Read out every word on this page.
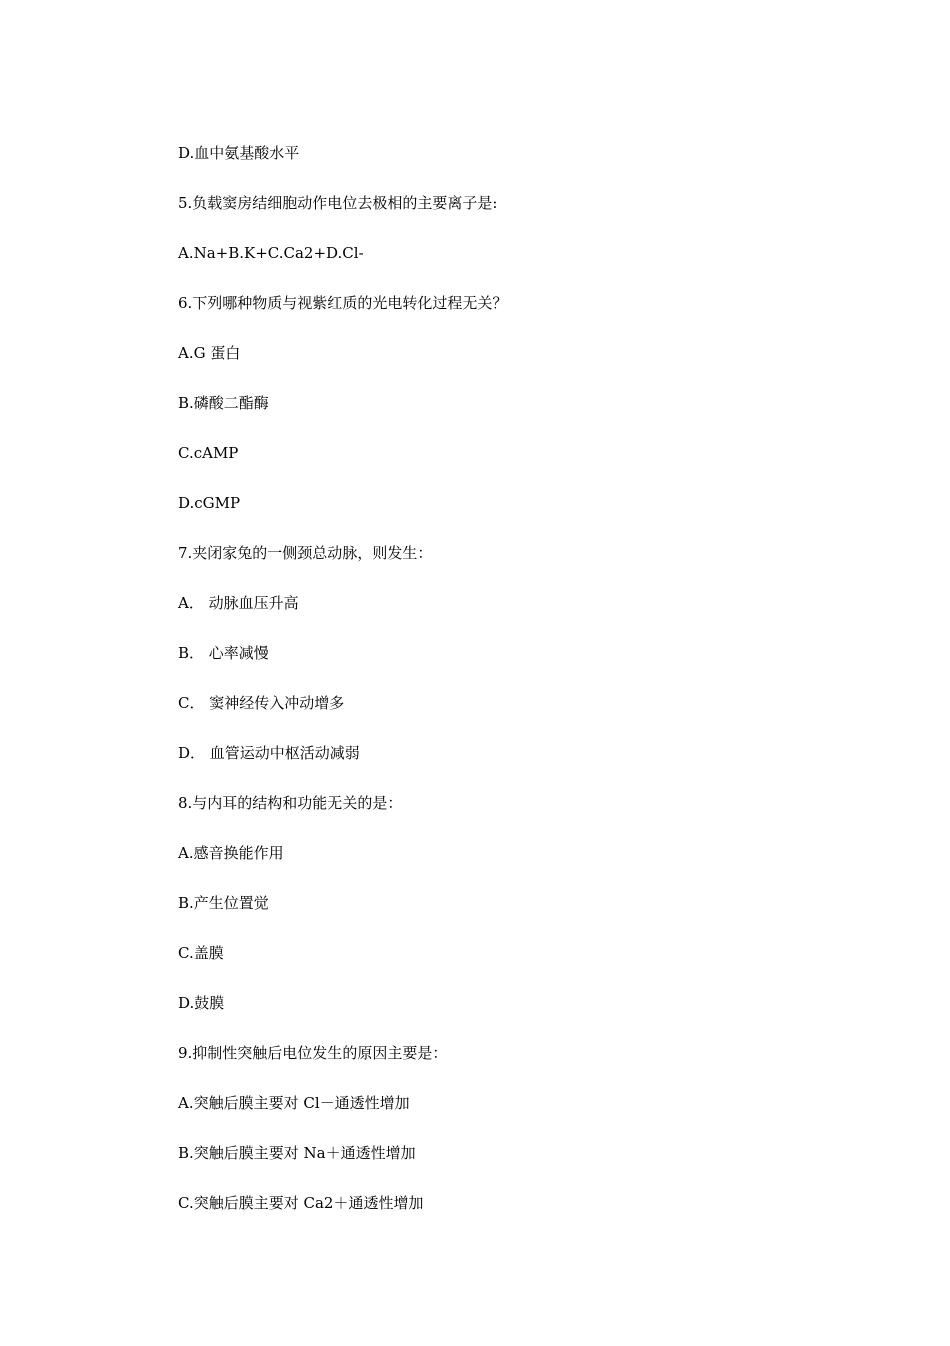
D.血中氨基酸水平
5.负载窦房结细胞动作电位去极相的主要离子是:
A.Na+B.K+C.Ca2+D.Cl-
6.下列哪种物质与视紫红质的光电转化过程无关？
A.G 蛋白
B.磷酸二酯酶
C.cAMP
D.cGMP
7.夹闭家兔的一侧颈总动脉，则发生：
A． 动脉血压升高
B． 心率减慢
C． 窦神经传入冲动增多
D． 血管运动中枢活动减弱
8.与内耳的结构和功能无关的是：
A.感音换能作用
B.产生位置觉
C.盖膜
D.鼓膜
9.抑制性突触后电位发生的原因主要是：
A.突触后膜主要对 Cl－通透性增加
B.突触后膜主要对 Na＋通透性增加
C.突触后膜主要对 Ca2＋通透性增加
